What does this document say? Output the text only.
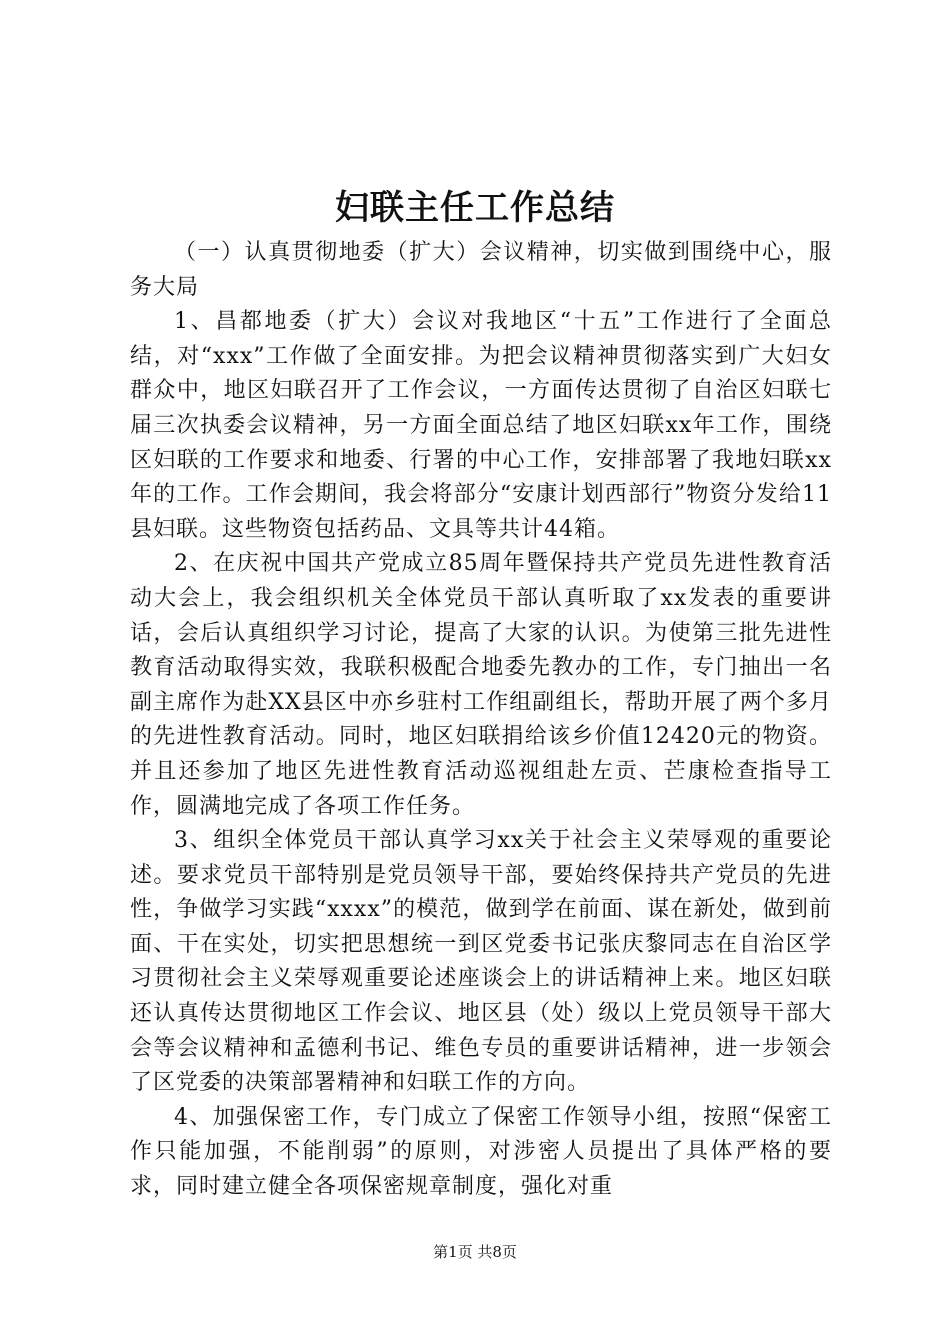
妇联主任工作总结

（一）认真贯彻地委（扩大）会议精神，切实做到围绕中心，服务大局

1、昌都地委（扩大）会议对我地区“十五”工作进行了全面总结，对“xxx”工作做了全面安排。为把会议精神贯彻落实到广大妇女群众中，地区妇联召开了工作会议，一方面传达贯彻了自治区妇联七届三次执委会议精神，另一方面全面总结了地区妇联xx年工作，围绕区妇联的工作要求和地委、行署的中心工作，安排部署了我地妇联xx年的工作。工作会期间，我会将部分“安康计划西部行”物资分发给11县妇联。这些物资包括药品、文具等共计44箱。

2、在庆祝中国共产党成立85周年暨保持共产党员先进性教育活动大会上，我会组织机关全体党员干部认真听取了xx发表的重要讲话，会后认真组织学习讨论，提高了大家的认识。为使第三批先进性教育活动取得实效，我联积极配合地委先教办的工作，专门抽出一名副主席作为赴XX县区中亦乡驻村工作组副组长，帮助开展了两个多月的先进性教育活动。同时，地区妇联捐给该乡价值12420元的物资。并且还参加了地区先进性教育活动巡视组赴左贡、芒康检查指导工作，圆满地完成了各项工作任务。

3、组织全体党员干部认真学习xx关于社会主义荣辱观的重要论述。要求党员干部特别是党员领导干部，要始终保持共产党员的先进性，争做学习实践“xxxx”的模范，做到学在前面、谋在新处，做到前面、干在实处，切实把思想统一到区党委书记张庆黎同志在自治区学习贯彻社会主义荣辱观重要论述座谈会上的讲话精神上来。地区妇联还认真传达贯彻地区工作会议、地区县（处）级以上党员领导干部大会等会议精神和孟德利书记、维色专员的重要讲话精神，进一步领会了区党委的决策部署精神和妇联工作的方向。

4、加强保密工作，专门成立了保密工作领导小组，按照“保密工作只能加强，不能削弱”的原则，对涉密人员提出了具体严格的要求，同时建立健全各项保密规章制度，强化对重

第1页 共8页
